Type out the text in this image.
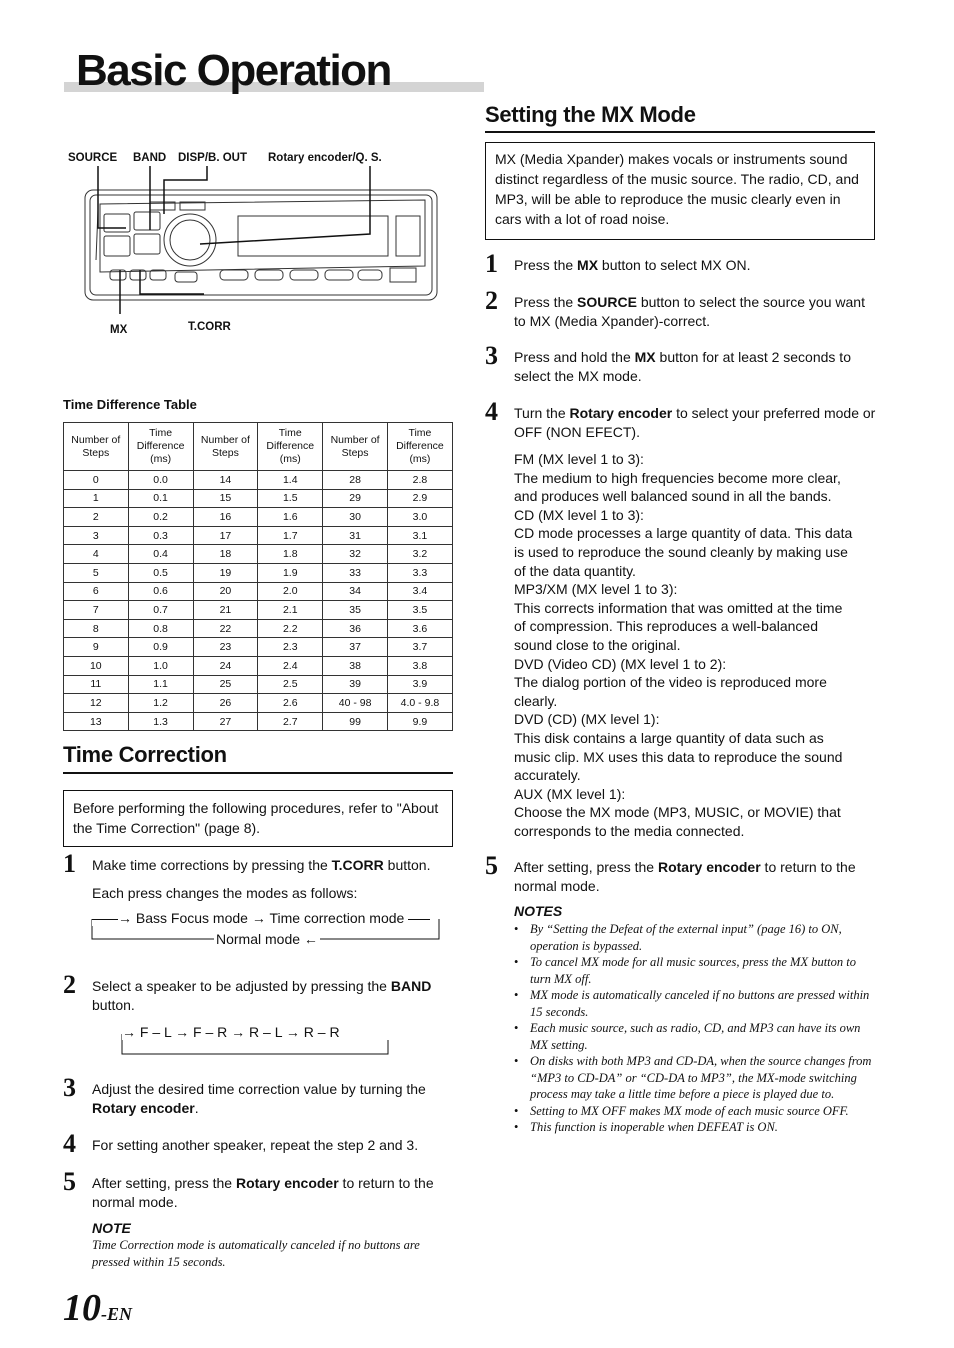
Basic Operation
SOURCE BAND DISP/B. OUT Rotary encoder/Q. S.
MX	T.CORR
Time Difference Table
Number of Steps	Time Difference (ms)	Number of Steps	Time Difference (ms)	Number of Steps	Time Difference (ms)
0	0.0	14	1.4	28	2.8
1	0.1	15	1.5	29	2.9
2	0.2	16	1.6	30	3.0
3	0.3	17	1.7	31	3.1
4	0.4	18	1.8	32	3.2
5	0.5	19	1.9	33	3.3
6	0.6	20	2.0	34	3.4
7	0.7	21	2.1	35	3.5
8	0.8	22	2.2	36	3.6
9	0.9	23	2.3	37	3.7
10	1.0	24	2.4	38	3.8
11	1.1	25	2.5	39	3.9
12	1.2	26	2.6	40 - 98	4.0 - 9.8
13	1.3	27	2.7	99	9.9
Time Correction
Before performing the following procedures, refer to "About the Time Correction" (page 8).
1 Make time corrections by pressing the T.CORR button.
Each press changes the modes as follows:
→ Bass Focus mode → Time correction mode
Normal mode ←
2 Select a speaker to be adjusted by pressing the BAND button.
→ F – L → F – R → R – L → R – R
3 Adjust the desired time correction value by turning the Rotary encoder.
4 For setting another speaker, repeat the step 2 and 3.
5 After setting, press the Rotary encoder to return to the normal mode.
NOTE
Time Correction mode is automatically canceled if no buttons are pressed within 15 seconds.
10-EN
Setting the MX Mode
MX (Media Xpander) makes vocals or instruments sound distinct regardless of the music source. The radio, CD, and MP3, will be able to reproduce the music clearly even in cars with a lot of road noise.
1 Press the MX button to select MX ON.
2 Press the SOURCE button to select the source you want to MX (Media Xpander)-correct.
3 Press and hold the MX button for at least 2 seconds to select the MX mode.
4 Turn the Rotary encoder to select your preferred mode or OFF (NON EFECT).
FM (MX level 1 to 3):
The medium to high frequencies become more clear,
and produces well balanced sound in all the bands.
CD (MX level 1 to 3):
CD mode processes a large quantity of data. This data
is used to reproduce the sound cleanly by making use
of the data quantity.
MP3/XM (MX level 1 to 3):
This corrects information that was omitted at the time
of compression. This reproduces a well-balanced
sound close to the original.
DVD (Video CD) (MX level 1 to 2):
The dialog portion of the video is reproduced more
clearly.
DVD (CD) (MX level 1):
This disk contains a large quantity of data such as
music clip. MX uses this data to reproduce the sound
accurately.
AUX (MX level 1):
Choose the MX mode (MP3, MUSIC, or MOVIE) that
corresponds to the media connected.
5 After setting, press the Rotary encoder to return to the normal mode.
NOTES
• By “Setting the Defeat of the external input” (page 16) to ON, operation is bypassed.
• To cancel MX mode for all music sources, press the MX button to turn MX off.
• MX mode is automatically canceled if no buttons are pressed within 15 seconds.
• Each music source, such as radio, CD, and MP3 can have its own MX setting.
• On disks with both MP3 and CD-DA, when the source changes from “MP3 to CD-DA” or “CD-DA to MP3”, the MX-mode switching process may take a little time before a piece is played due to.
• Setting to MX OFF makes MX mode of each music source OFF.
• This function is inoperable when DEFEAT is ON.
